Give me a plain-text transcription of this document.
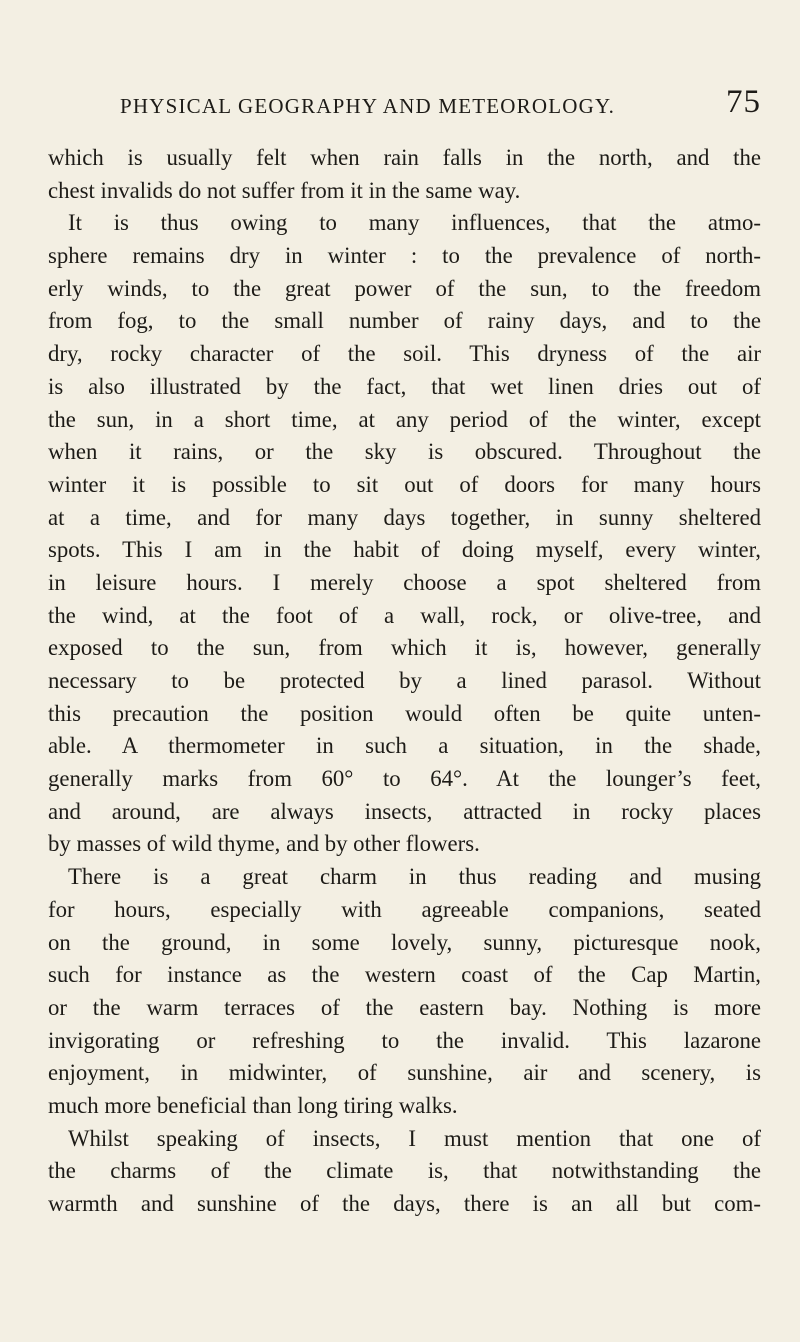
PHYSICAL GEOGRAPHY AND METEOROLOGY.	75
which is usually felt when rain falls in the north, and the
chest invalids do not suffer from it in the same way.
It is thus owing to many influences, that the atmo-
sphere remains dry in winter : to the prevalence of north-
erly winds, to the great power of the sun, to the freedom
from fog, to the small number of rainy days, and to the
dry, rocky character of the soil. This dryness of the air
is also illustrated by the fact, that wet linen dries out of
the sun, in a short time, at any period of the winter, except
when it rains, or the sky is obscured. Throughout the
winter it is possible to sit out of doors for many hours
at a time, and for many days together, in sunny sheltered
spots. This I am in the habit of doing myself, every winter,
in leisure hours. I merely choose a spot sheltered from
the wind, at the foot of a wall, rock, or olive-tree, and
exposed to the sun, from which it is, however, generally
necessary to be protected by a lined parasol. Without
this precaution the position would often be quite unten-
able. A thermometer in such a situation, in the shade,
generally marks from 60° to 64°. At the lounger’s feet,
and around, are always insects, attracted in rocky places
by masses of wild thyme, and by other flowers.
There is a great charm in thus reading and musing
for hours, especially with agreeable companions, seated
on the ground, in some lovely, sunny, picturesque nook,
such for instance as the western coast of the Cap Martin,
or the warm terraces of the eastern bay. Nothing is more
invigorating or refreshing to the invalid. This lazarone
enjoyment, in midwinter, of sunshine, air and scenery, is
much more beneficial than long tiring walks.
Whilst speaking of insects, I must mention that one of
the charms of the climate is, that notwithstanding the
warmth and sunshine of the days, there is an all but com-
